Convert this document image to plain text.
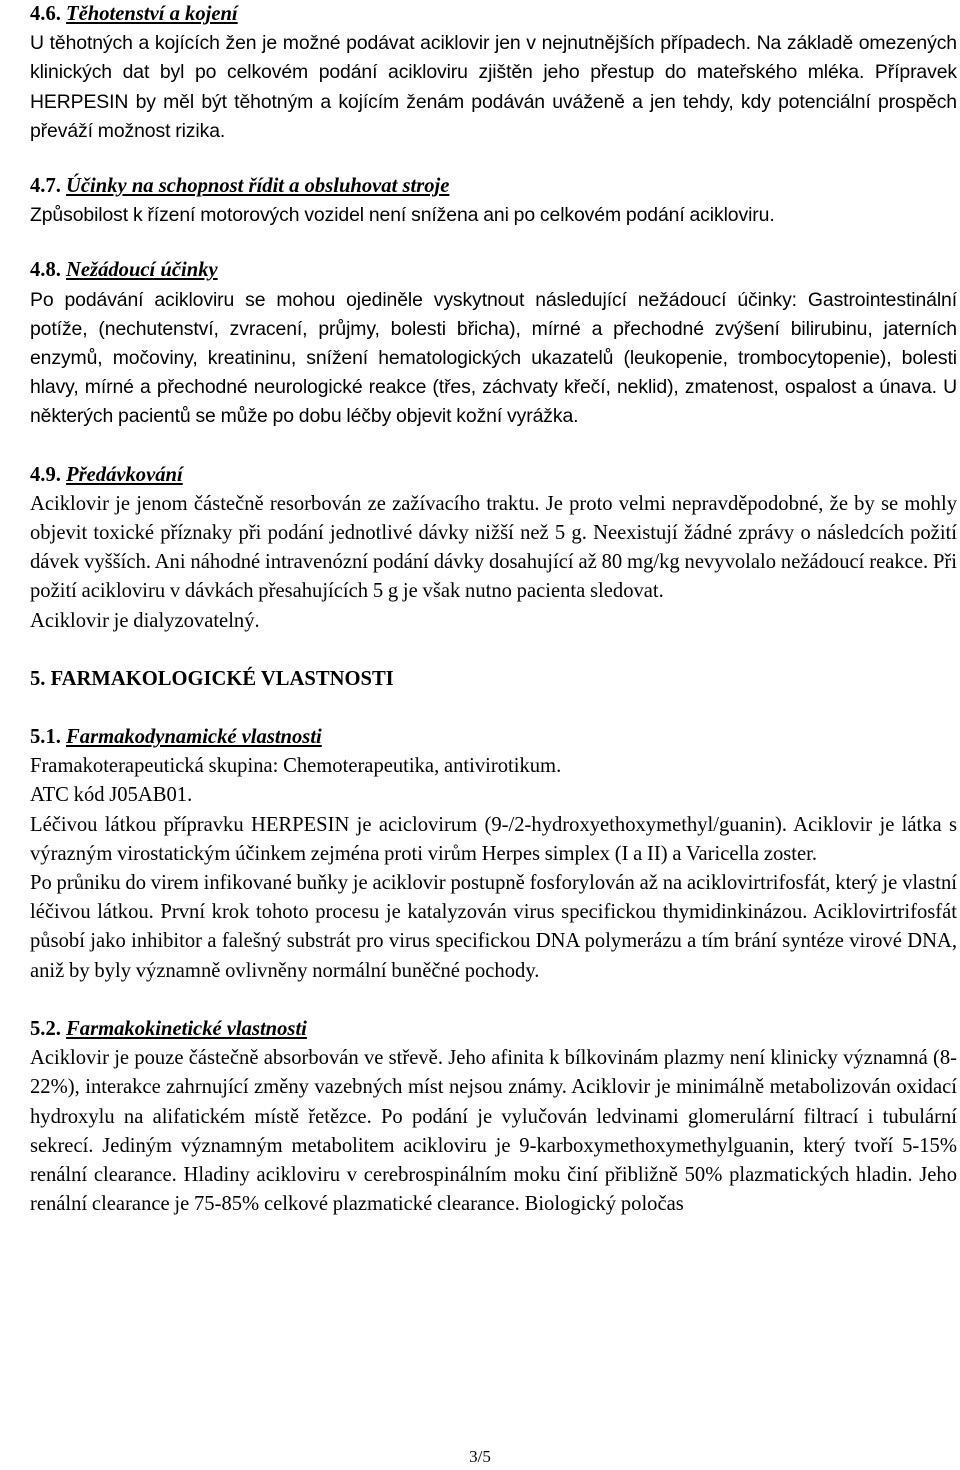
4.6. Těhotenství a kojení

U těhotných a kojících žen je možné podávat aciklovir jen v nejnutnějších případech. Na základě omezených klinických dat byl po celkovém podání acikloviru zjištěn jeho přestup do mateřského mléka. Přípravek HERPESIN by měl být těhotným a kojícím ženám podáván uváženě a jen tehdy, kdy potenciální prospěch převáží možnost rizika.

4.7. Účinky na schopnost řídit a obsluhovat stroje

Způsobilost k řízení motorových vozidel není snížena ani po celkovém podání acikloviru.

4.8. Nežádoucí účinky

Po podávání acikloviru se mohou ojediněle vyskytnout následující nežádoucí účinky: Gastrointestinální potíže, (nechutenství, zvracení, průjmy, bolesti břicha), mírné a přechodné zvýšení bilirubinu, jaterních enzymů, močoviny, kreatininu, snížení hematologických ukazatelů (leukopenie, trombocytopenie), bolesti hlavy, mírné a přechodné neurologické reakce (třes, záchvaty křečí, neklid), zmatenost, ospalost a únava. U některých pacientů se může po dobu léčby objevit kožní vyrážka.

4.9. Předávkování

Aciklovir je jenom částečně resorbován ze zažívacího traktu. Je proto velmi nepravděpodobné, že by se mohly objevit toxické příznaky při podání jednotlivé dávky nižší než 5 g. Neexistují žádné zprávy o následcích požití dávek vyšších. Ani náhodné intravenózní podání dávky dosahující až 80 mg/kg nevyvolalo nežádoucí reakce. Při požití acikloviru v dávkách přesahujících 5 g je však nutno pacienta sledovat.

Aciklovir je dialyzovatelný.

5. FARMAKOLOGICKÉ VLASTNOSTI

5.1. Farmakodynamické vlastnosti

Framakoterapeutická skupina: Chemoterapeutika, antivirotikum.

ATC kód J05AB01.

Léčivou látkou přípravku HERPESIN je aciclovirum (9-/2-hydroxyethoxymethyl/guanin). Aciklovir je látka s výrazným virostatickým účinkem zejména proti virům Herpes simplex (I a II) a Varicella zoster.

Po průniku do virem infikované buňky je aciklovir postupně fosforylován až na aciklovirtrifosfát, který je vlastní léčivou látkou. První krok tohoto procesu je katalyzován virus specifickou thymidinkinázou. Aciklovirtrifosfát působí jako inhibitor a falešný substrát pro virus specifickou DNA polymerázu a tím brání syntéze virové DNA, aniž by byly významně ovlivněny normální buněčné pochody.

5.2. Farmakokinetické vlastnosti

Aciklovir je pouze částečně absorbován ve střevě. Jeho afinita k bílkovinám plazmy není klinicky významná (8-22%), interakce zahrnující změny vazebných míst nejsou známy. Aciklovir je minimálně metabolizován oxidací hydroxylu na alifatickém místě řetězce. Po podání je vylučován ledvinami glomerulární filtrací i tubulární sekrecí. Jediným významným metabolitem acikloviru je 9-karboxymethoxymethylguanin, který tvoří 5-15% renální clearance. Hladiny acikloviru v cerebrospinálním moku činí přibližně 50% plazmatických hladin. Jeho renální clearance je 75-85% celkové plazmatické clearance. Biologický poločas

3/5
